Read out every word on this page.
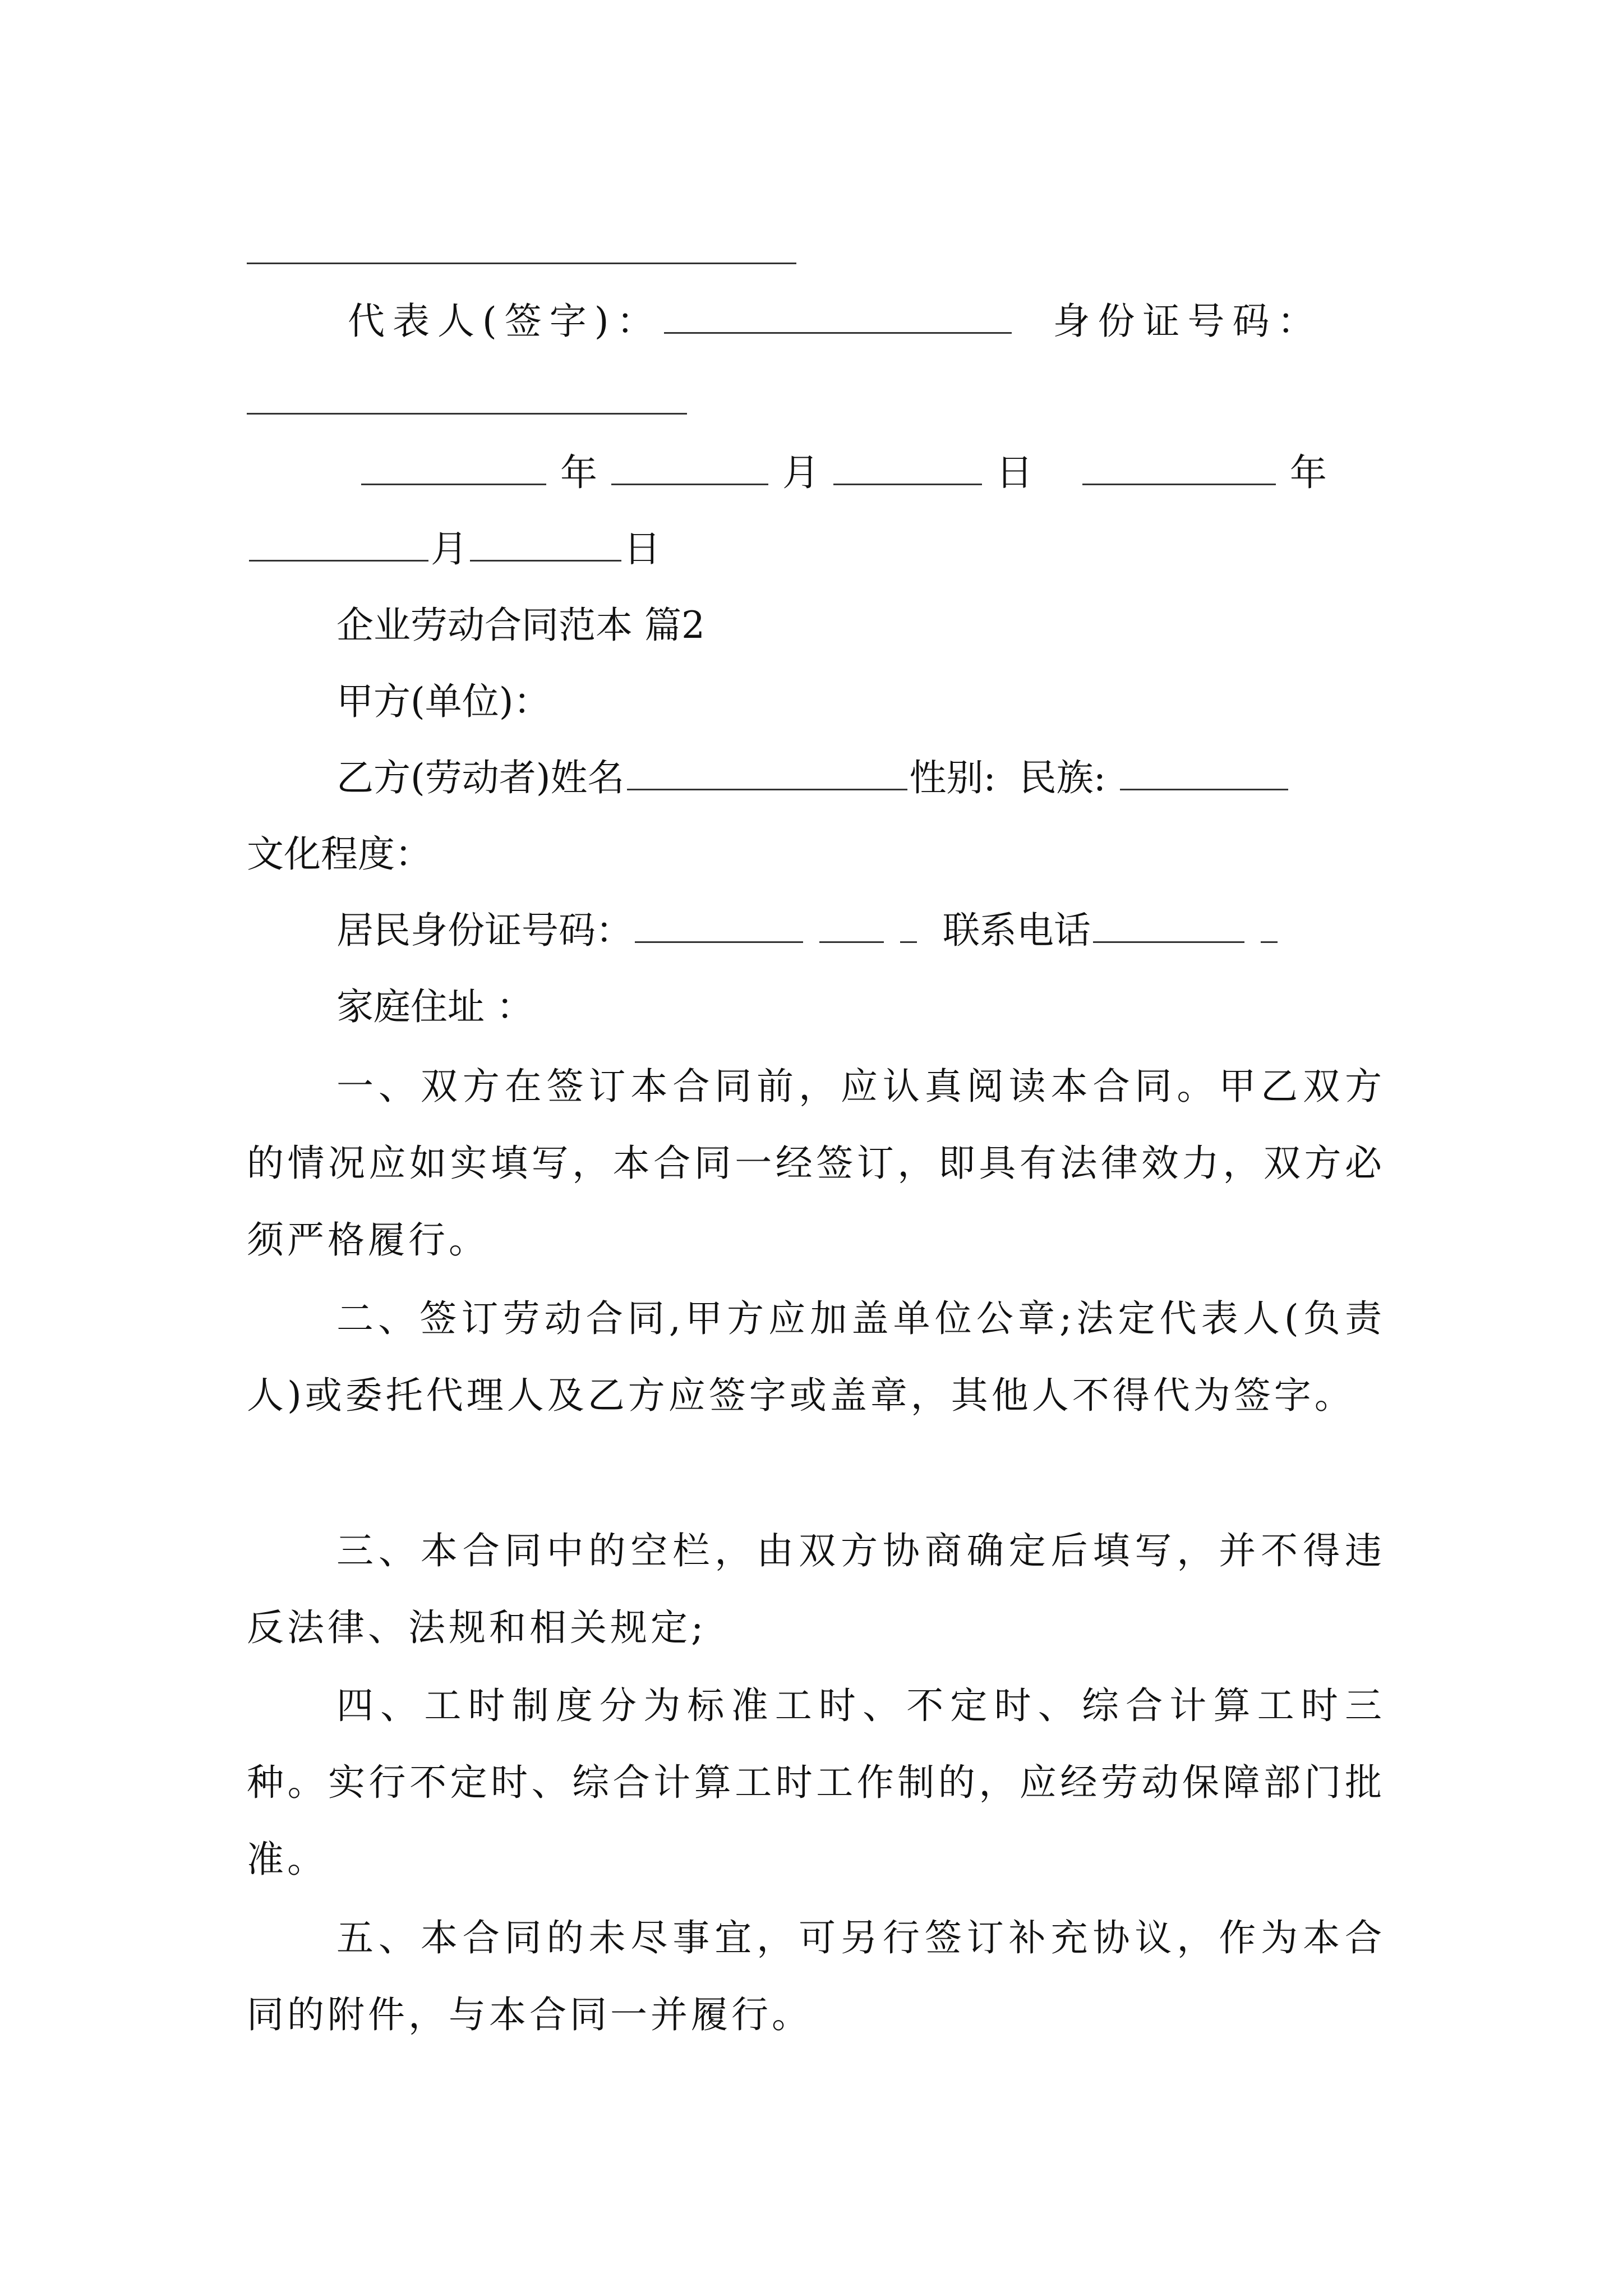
代表人(签字)：	身份证号码：
年	月	日	年
月	日
企业劳动合同范本 篇2
甲方(单位)：
乙方(劳动者)姓名	性别: 民族:
文化程度：
居民身份证号码：	联系电话
家庭住址 ：
一、双方在签订本合同前，应认真阅读本合同。甲乙双方的情况应如实填写，本合同一经签订，即具有法律效力，双方必须严格履行。
二、签订劳动合同,甲方应加盖单位公章;法定代表人(负责人)或委托代理人及乙方应签字或盖章，其他人不得代为签字。
三、本合同中的空栏，由双方协商确定后填写，并不得违反法律、法规和相关规定;
四、工时制度分为标准工时、不定时、综合计算工时三种。实行不定时、综合计算工时工作制的，应经劳动保障部门批准。
五、本合同的未尽事宜，可另行签订补充协议，作为本合同的附件，与本合同一并履行。
